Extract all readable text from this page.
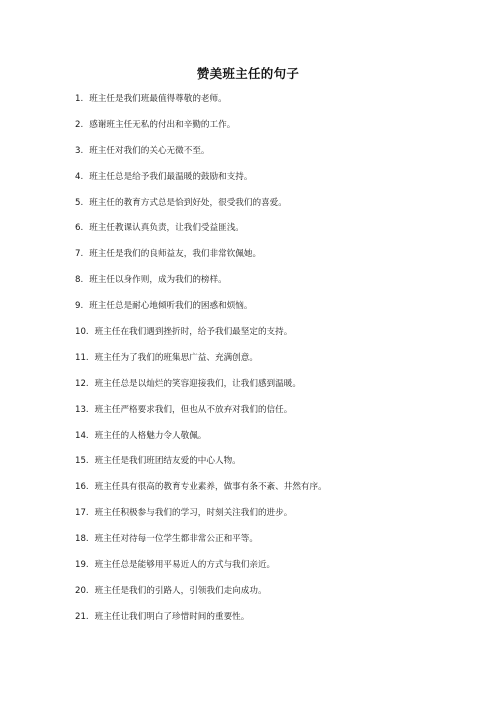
赞美班主任的句子
1. 班主任是我们班最值得尊敬的老师。
2. 感谢班主任无私的付出和辛勤的工作。
3. 班主任对我们的关心无微不至。
4. 班主任总是给予我们最温暖的鼓励和支持。
5. 班主任的教育方式总是恰到好处，很受我们的喜爱。
6. 班主任教课认真负责，让我们受益匪浅。
7. 班主任是我们的良师益友，我们非常钦佩她。
8. 班主任以身作则，成为我们的榜样。
9. 班主任总是耐心地倾听我们的困惑和烦恼。
10. 班主任在我们遇到挫折时，给予我们最坚定的支持。
11. 班主任为了我们的班集思广益、充满创意。
12. 班主任总是以灿烂的笑容迎接我们，让我们感到温暖。
13. 班主任严格要求我们，但也从不放弃对我们的信任。
14. 班主任的人格魅力令人敬佩。
15. 班主任是我们班团结友爱的中心人物。
16. 班主任具有很高的教育专业素养，做事有条不紊、井然有序。
17. 班主任积极参与我们的学习，时刻关注我们的进步。
18. 班主任对待每一位学生都非常公正和平等。
19. 班主任总是能够用平易近人的方式与我们亲近。
20. 班主任是我们的引路人，引领我们走向成功。
21. 班主任让我们明白了珍惜时间的重要性。
